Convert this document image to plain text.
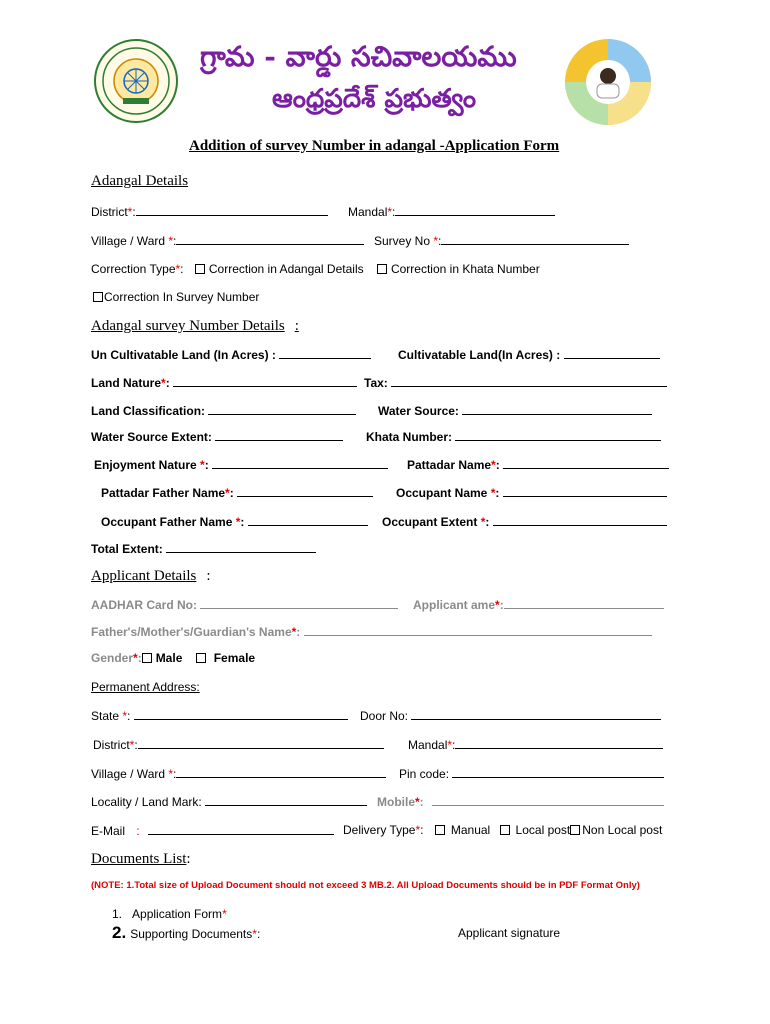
గ్రామ - వార్డు సచివాలయము
ఆంధ్రప్రదేశ్ ప్రభుత్వం
Addition of survey Number in adangal -Application Form
Adangal Details
District*:	Mandal*:
Village / Ward *:	Survey No *:
Correction Type*: Correction in Adangal Details Correction in Khata Number
Correction In Survey Number
Adangal survey Number Details :
Un Cultivatable Land (In Acres) :	Cultivatable Land(In Acres) :
Land Nature*:	Tax:
Land Classification:	Water Source:
Water Source Extent:	Khata Number:
Enjoyment Nature *:	Pattadar Name*:
Pattadar Father Name*:	Occupant Name *:
Occupant Father Name *:	Occupant Extent *:
Total Extent:
Applicant Details :
AADHAR Card No:	Applicant ame*:
Father's/Mother's/Guardian's Name*:
Gender*: Male	Female
Permanent Address:
State *:	Door No:
District*:	Mandal*:
Village / Ward *:	Pin code:
Locality / Land Mark:	Mobile*:
E-Mail :	Delivery Type*: Manual Local post Non Local post
Documents List:
(NOTE: 1.Total size of Upload Document should not exceed 3 MB.2. All Upload Documents should be in PDF Format Only)
1. Application Form*
2. Supporting Documents*:	Applicant signature
